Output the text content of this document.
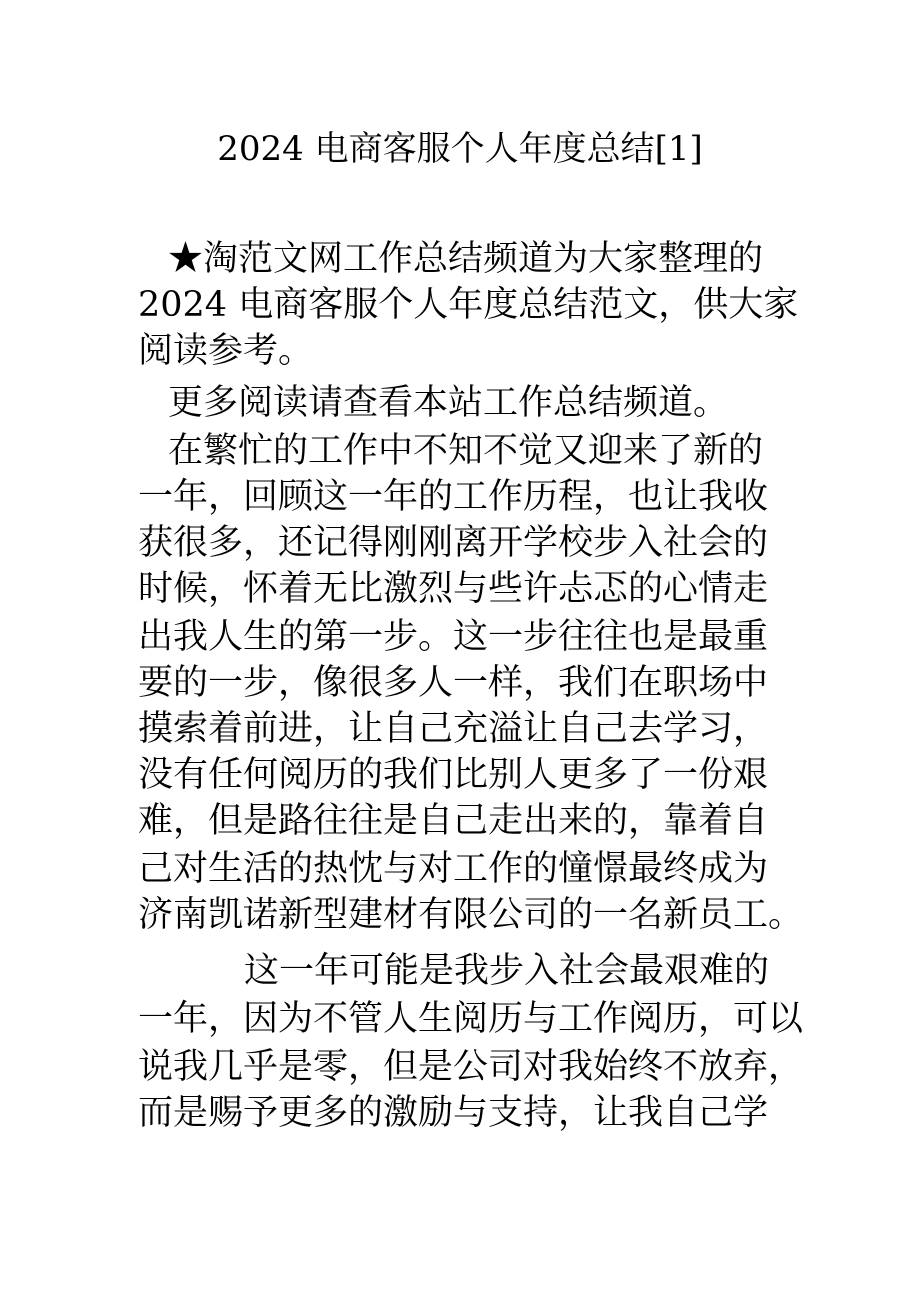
2024 电商客服个人年度总结[1]
★淘范文网工作总结频道为大家整理的
2024 电商客服个人年度总结范文，供大家
阅读参考。
更多阅读请查看本站工作总结频道。
在繁忙的工作中不知不觉又迎来了新的
一年，回顾这一年的工作历程，也让我收
获很多，还记得刚刚离开学校步入社会的
时候，怀着无比激烈与些许忐忑的心情走
出我人生的第一步。这一步往往也是最重
要的一步，像很多人一样，我们在职场中
摸索着前进，让自己充溢让自己去学习，
没有任何阅历的我们比别人更多了一份艰
难，但是路往往是自己走出来的，靠着自
己对生活的热忱与对工作的憧憬最终成为
济南凯诺新型建材有限公司的一名新员工。
这一年可能是我步入社会最艰难的
一年，因为不管人生阅历与工作阅历，可以
说我几乎是零，但是公司对我始终不放弃，
而是赐予更多的激励与支持，让我自己学
